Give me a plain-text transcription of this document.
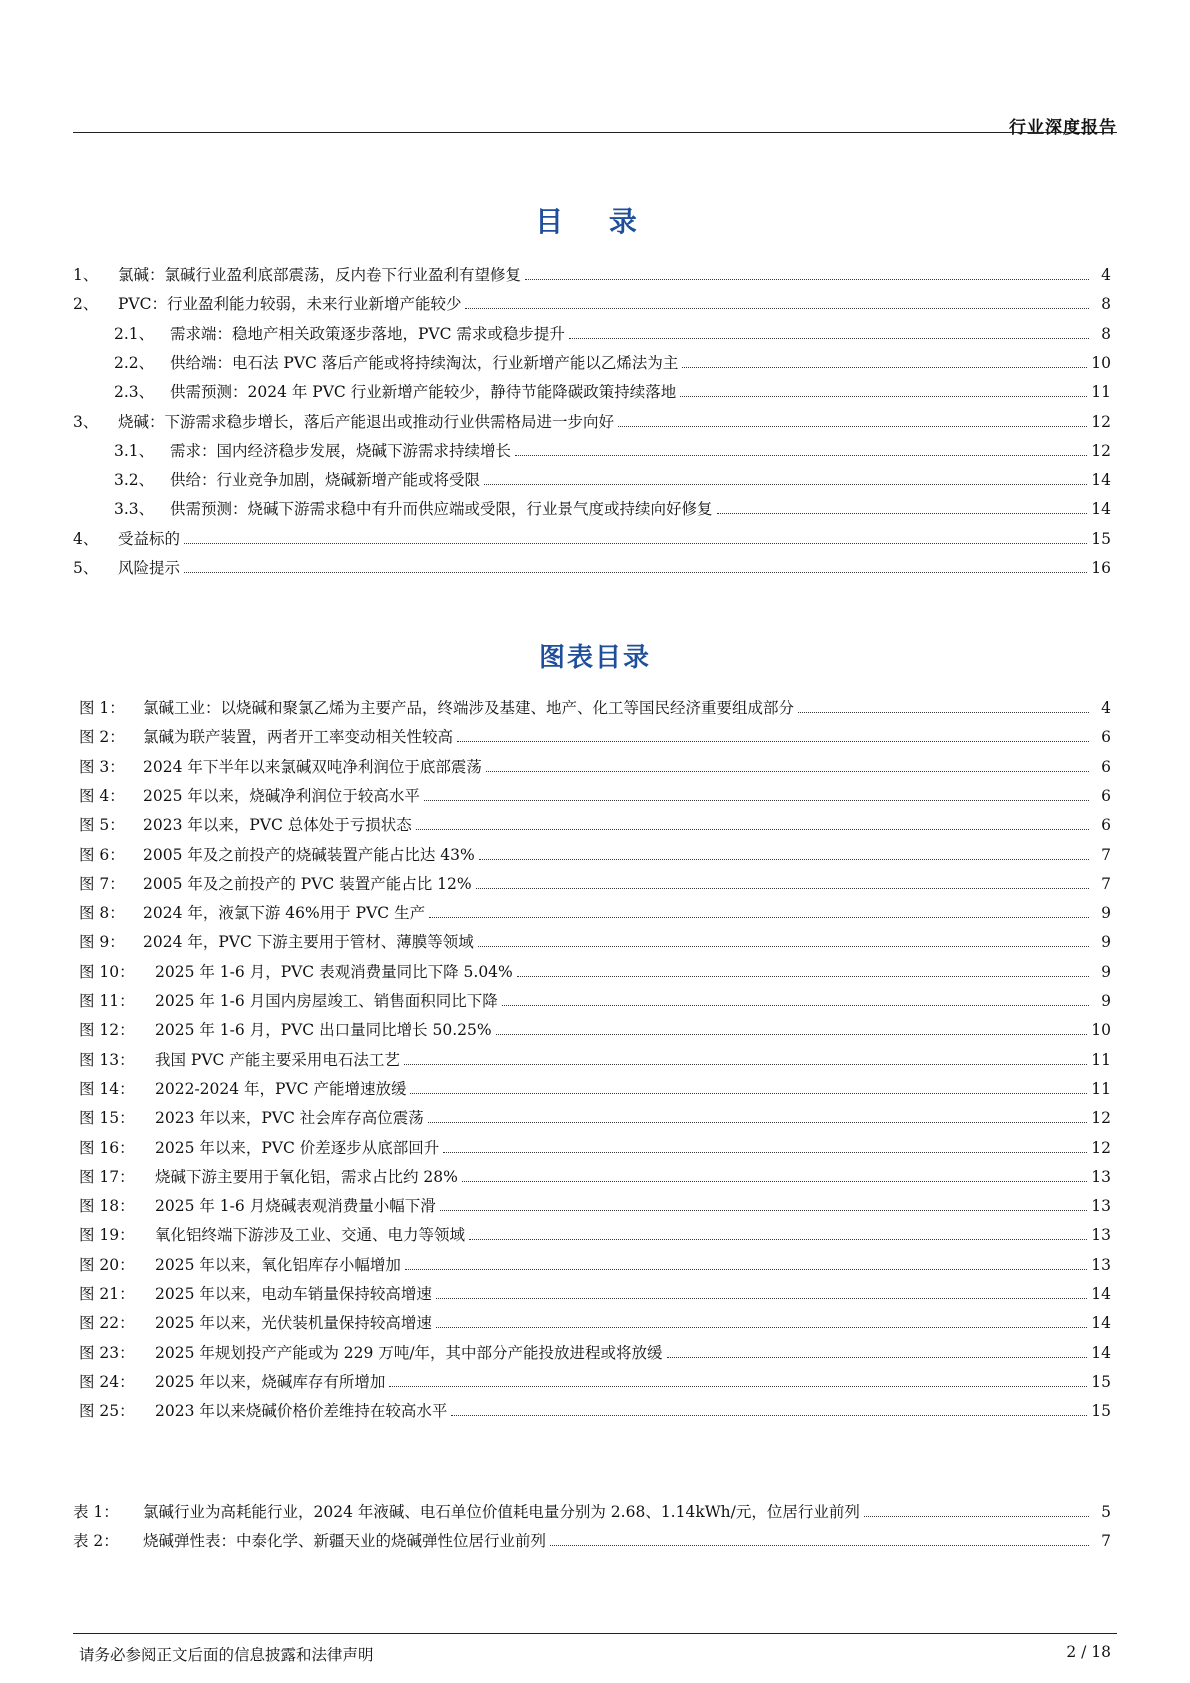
行业深度报告
目 录
1、	氯碱：氯碱行业盈利底部震荡，反内卷下行业盈利有望修复	4
2、	PVC：行业盈利能力较弱，未来行业新增产能较少	8
2.1、	需求端：稳地产相关政策逐步落地，PVC 需求或稳步提升	8
2.2、	供给端：电石法 PVC 落后产能或将持续淘汰，行业新增产能以乙烯法为主	10
2.3、	供需预测：2024 年 PVC 行业新增产能较少，静待节能降碳政策持续落地	11
3、	烧碱：下游需求稳步增长，落后产能退出或推动行业供需格局进一步向好	12
3.1、	需求：国内经济稳步发展，烧碱下游需求持续增长	12
3.2、	供给：行业竞争加剧，烧碱新增产能或将受限	14
3.3、	供需预测：烧碱下游需求稳中有升而供应端或受限，行业景气度或持续向好修复	14
4、	受益标的	15
5、	风险提示	16
图表目录
图 1：	氯碱工业：以烧碱和聚氯乙烯为主要产品，终端涉及基建、地产、化工等国民经济重要组成部分	4
图 2：	氯碱为联产装置，两者开工率变动相关性较高	6
图 3：	2024 年下半年以来氯碱双吨净利润位于底部震荡	6
图 4：	2025 年以来，烧碱净利润位于较高水平	6
图 5：	2023 年以来，PVC 总体处于亏损状态	6
图 6：	2005 年及之前投产的烧碱装置产能占比达 43%	7
图 7：	2005 年及之前投产的 PVC 装置产能占比 12%	7
图 8：	2024 年，液氯下游 46%用于 PVC 生产	9
图 9：	2024 年，PVC 下游主要用于管材、薄膜等领域	9
图 10：	2025 年 1-6 月，PVC 表观消费量同比下降 5.04%	9
图 11：	2025 年 1-6 月国内房屋竣工、销售面积同比下降	9
图 12：	2025 年 1-6 月，PVC 出口量同比增长 50.25%	10
图 13：	我国 PVC 产能主要采用电石法工艺	11
图 14：	2022-2024 年，PVC 产能增速放缓	11
图 15：	2023 年以来，PVC 社会库存高位震荡	12
图 16：	2025 年以来，PVC 价差逐步从底部回升	12
图 17：	烧碱下游主要用于氧化铝，需求占比约 28%	13
图 18：	2025 年 1-6 月烧碱表观消费量小幅下滑	13
图 19：	氧化铝终端下游涉及工业、交通、电力等领域	13
图 20：	2025 年以来，氧化铝库存小幅增加	13
图 21：	2025 年以来，电动车销量保持较高增速	14
图 22：	2025 年以来，光伏装机量保持较高增速	14
图 23：	2025 年规划投产产能或为 229 万吨/年，其中部分产能投放进程或将放缓	14
图 24：	2025 年以来，烧碱库存有所增加	15
图 25：	2023 年以来烧碱价格价差维持在较高水平	15
表 1：	氯碱行业为高耗能行业，2024 年液碱、电石单位价值耗电量分别为 2.68、1.14kWh/元，位居行业前列	5
表 2：	烧碱弹性表：中泰化学、新疆天业的烧碱弹性位居行业前列	7
请务必参阅正文后面的信息披露和法律声明	2 / 18
